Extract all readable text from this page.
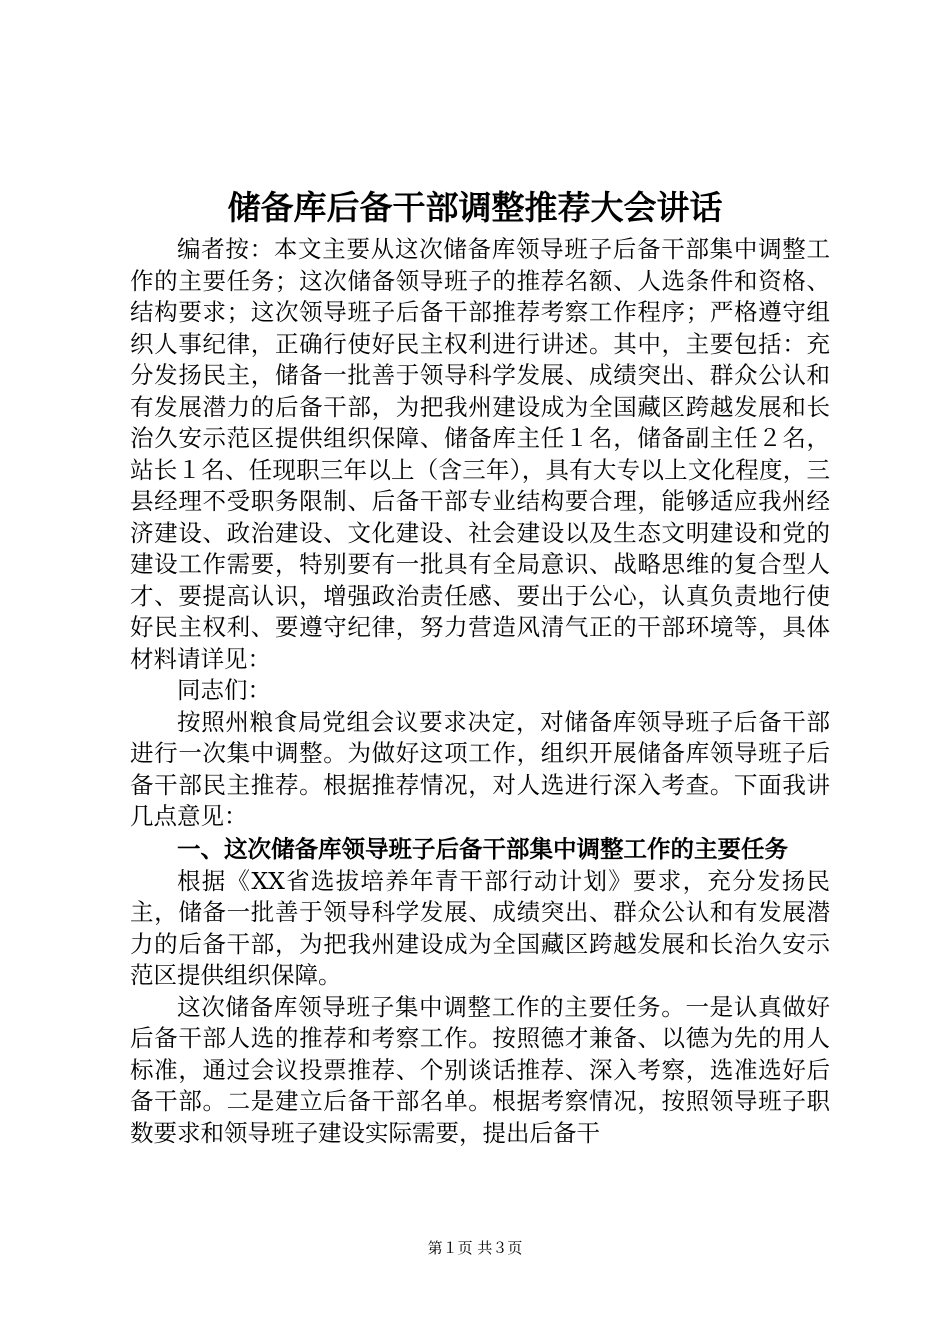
储备库后备干部调整推荐大会讲话

编者按：本文主要从这次储备库领导班子后备干部集中调整工作的主要任务；这次储备领导班子的推荐名额、人选条件和资格、结构要求；这次领导班子后备干部推荐考察工作程序；严格遵守组织人事纪律，正确行使好民主权利进行讲述。其中，主要包括：充分发扬民主，储备一批善于领导科学发展、成绩突出、群众公认和有发展潜力的后备干部，为把我州建设成为全国藏区跨越发展和长治久安示范区提供组织保障、储备库主任１名，储备副主任２名，站长１名、任现职三年以上（含三年），具有大专以上文化程度，三县经理不受职务限制、后备干部专业结构要合理，能够适应我州经济建设、政治建设、文化建设、社会建设以及生态文明建设和党的建设工作需要，特别要有一批具有全局意识、战略思维的复合型人才、要提高认识，增强政治责任感、要出于公心，认真负责地行使好民主权利、要遵守纪律，努力营造风清气正的干部环境等，具体材料请详见：

同志们：

按照州粮食局党组会议要求决定，对储备库领导班子后备干部进行一次集中调整。为做好这项工作，组织开展储备库领导班子后备干部民主推荐。根据推荐情况，对人选进行深入考查。下面我讲几点意见：

一、这次储备库领导班子后备干部集中调整工作的主要任务

根据《XX省选拔培养年青干部行动计划》要求，充分发扬民主，储备一批善于领导科学发展、成绩突出、群众公认和有发展潜力的后备干部，为把我州建设成为全国藏区跨越发展和长治久安示范区提供组织保障。

这次储备库领导班子集中调整工作的主要任务。一是认真做好后备干部人选的推荐和考察工作。按照德才兼备、以德为先的用人标准，通过会议投票推荐、个别谈话推荐、深入考察，选准选好后备干部。二是建立后备干部名单。根据考察情况，按照领导班子职数要求和领导班子建设实际需要，提出后备干

第１页 共３页
